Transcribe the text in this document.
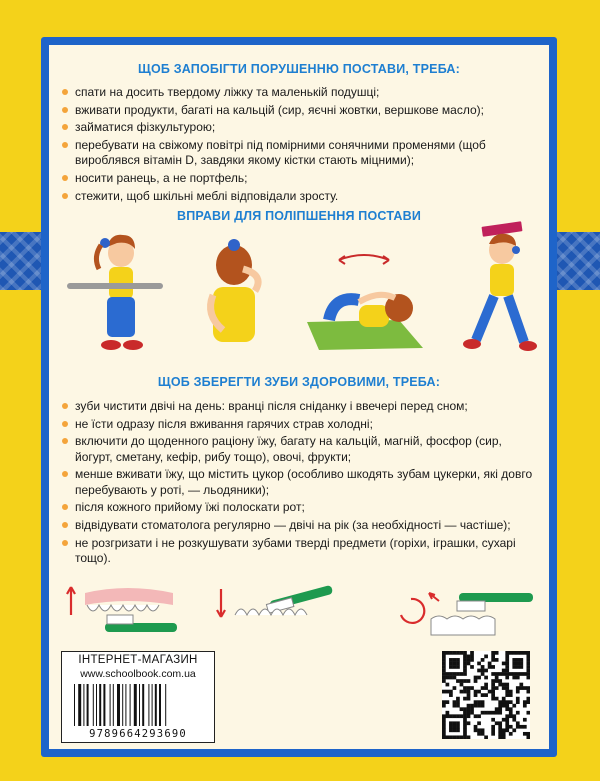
ЩОБ ЗАПОБІГТИ ПОРУШЕННЮ ПОСТАВИ, ТРЕБА:
спати на досить твердому ліжку та маленькій подушці;
вживати продукти, багаті на кальцій (сир, яєчні жовтки, вершкове масло);
займатися фізкультурою;
перебувати на свіжому повітрі під помірними сонячними променями (щоб вироблявся вітамін D, завдяки якому кістки стають міцними);
носити ранець, а не портфель;
стежити, щоб шкільні меблі відповідали зросту.
ВПРАВИ ДЛЯ ПОЛІПШЕННЯ ПОСТАВИ
ЩОБ ЗБЕРЕГТИ ЗУБИ ЗДОРОВИМИ, ТРЕБА:
зуби чистити двічі на день: вранці після сніданку і ввечері перед сном;
не їсти одразу після вживання гарячих страв холодні;
включити до щоденного раціону їжу, багату на кальцій, магній, фосфор (сир, йогурт, сметану, кефір, рибу тощо), овочі, фрукти;
менше вживати їжу, що містить цукор (особливо шкодять зубам цукерки, які довго перебувають у роті, — льодяники);
після кожного прийому їжі полоскати рот;
відвідувати стоматолога регулярно — двічі на рік (за необхідності — частіше);
не розгризати і не розкушувати зубами тверді предмети (горіхи, іграшки, сухарі тощо).
ІНТЕРНЕТ-МАГАЗИН
www.schoolbook.com.ua
9789664293690
